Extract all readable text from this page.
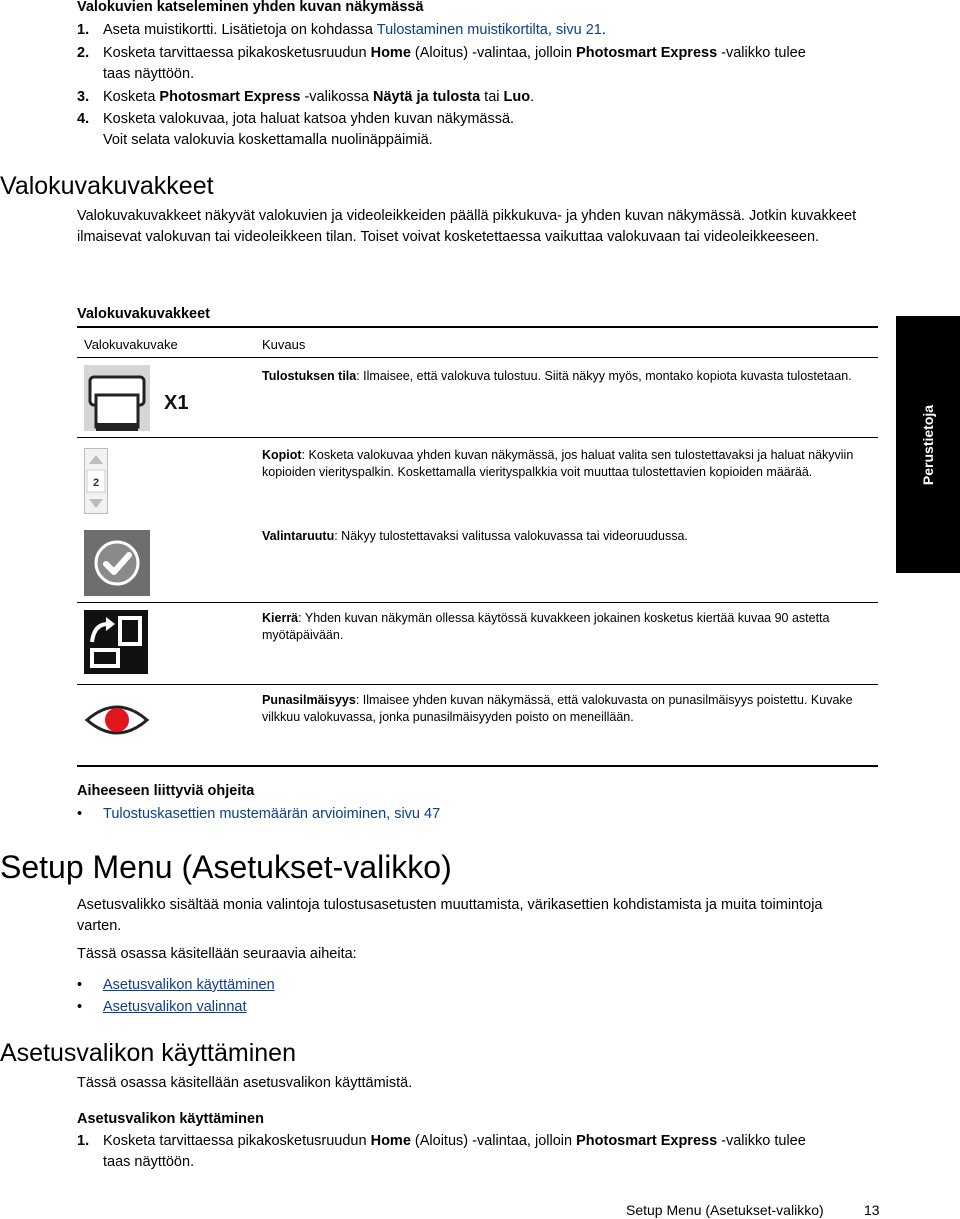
Valokuvien katseleminen yhden kuvan näkymässä
1. Aseta muistikortti. Lisätietoja on kohdassa Tulostaminen muistikortilta, sivu 21.
2. Kosketa tarvittaessa pikakosketusruudun Home (Aloitus) -valintaa, jolloin Photosmart Express -valikko tulee
taas näyttöön.
3. Kosketa Photosmart Express -valikossa Näytä ja tulosta tai Luo.
4. Kosketa valokuvaa, jota haluat katsoa yhden kuvan näkymässä.
Voit selata valokuvia koskettamalla nuolinäppäimiä.
Valokuvakuvakkeet
Valokuvakuvakkeet näkyvät valokuvien ja videoleikkeiden päällä pikkukuva- ja yhden kuvan näkymässä. Jotkin kuvakkeet ilmaisevat valokuvan tai videoleikkeen tilan. Toiset voivat kosketettaessa vaikuttaa valokuvaan tai videoleikkeeseen.
Valokuvakuvakkeet
Valokuvakuvake	Kuvaus
X1
Tulostuksen tila: Ilmaisee, että valokuva tulostuu. Siitä näkyy myös, montako kopiota kuvasta tulostetaan.
2
Kopiot: Kosketa valokuvaa yhden kuvan näkymässä, jos haluat valita sen tulostettavaksi ja haluat näkyviin kopioiden vierityspalkin. Koskettamalla vierityspalkkia voit muuttaa tulostettavien kopioiden määrää.
Valintaruutu: Näkyy tulostettavaksi valitussa valokuvassa tai videoruudussa.
Kierrä: Yhden kuvan näkymän ollessa käytössä kuvakkeen jokainen kosketus kiertää kuvaa 90 astetta myötäpäivään.
Punasilmäisyys: Ilmaisee yhden kuvan näkymässä, että valokuvasta on punasilmäisyys poistettu. Kuvake vilkkuu valokuvassa, jonka punasilmäisyyden poisto on meneillään.
Aiheeseen liittyviä ohjeita
• Tulostuskasettien mustemäärän arvioiminen, sivu 47
Setup Menu (Asetukset-valikko)
Asetusvalikko sisältää monia valintoja tulostusasetusten muuttamista, värikasettien kohdistamista ja muita toimintoja varten.
Tässä osassa käsitellään seuraavia aiheita:
• Asetusvalikon käyttäminen
• Asetusvalikon valinnat
Asetusvalikon käyttäminen
Tässä osassa käsitellään asetusvalikon käyttämistä.
Asetusvalikon käyttäminen
1. Kosketa tarvittaessa pikakosketusruudun Home (Aloitus) -valintaa, jolloin Photosmart Express -valikko tulee
taas näyttöön.
Perustietoja
Setup Menu (Asetukset-valikko)	13
